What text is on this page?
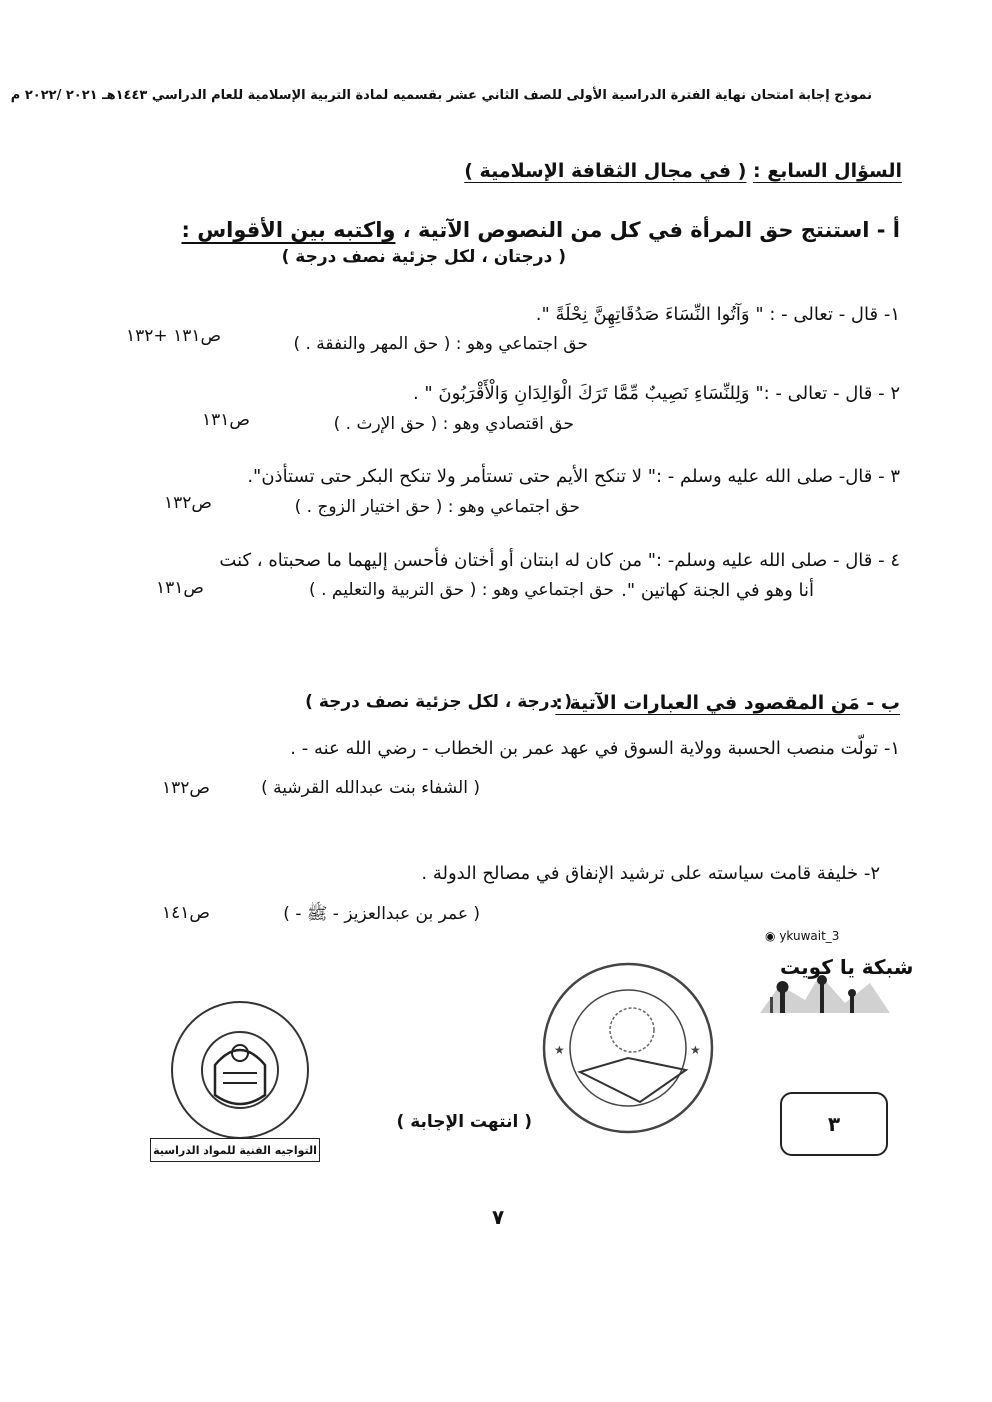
نموذج إجابة امتحان نهاية الفترة الدراسية الأولى للصف الثاني عشر بقسميه لمادة التربية الإسلامية للعام الدراسي ١٤٤٣هـ ٢٠٢١ /٢٠٢٢ م
السؤال السابع : ( في مجال الثقافة الإسلامية )
أ - استنتج حق المرأة في كل من النصوص الآتية ، واكتبه بين الأقواس :
( درجتان ، لكل جزئية نصف درجة )
١- قال - تعالى - : " وَآتُوا النِّسَاءَ صَدُقَاتِهِنَّ نِحْلَةً ".
حق اجتماعي وهو : ( حق المهر والنفقة . )
ص١٣١ +١٣٢
٢ - قال - تعالى - :" وَلِلنِّسَاءِ نَصِيبٌ مِّمَّا تَرَكَ الْوَالِدَانِ وَالْأَقْرَبُونَ " .
حق اقتصادي وهو : ( حق الإرث . )
ص١٣١
٣ - قال- صلى الله عليه وسلم - :" لا تنكح الأيم حتى تستأمر ولا تنكح البكر حتى تستأذن".
حق اجتماعي وهو : ( حق اختيار الزوج . )
ص١٣٢
٤ - قال - صلى الله عليه وسلم- :" من كان له ابنتان أو أختان فأحسن إليهما ما صحبتاه ، كنت
أنا وهو في الجنة كهاتين ".
حق اجتماعي وهو : ( حق التربية والتعليم . )
ص١٣١
ب - مَن المقصود في العبارات الآتية :
( درجة ، لكل جزئية نصف درجة )
١- تولّت منصب الحسبة وولاية السوق في عهد عمر بن الخطاب - رضي الله عنه - .
( الشفاء بنت عبدالله القرشية )
ص١٣٢
٢- خليفة قامت سياسته على ترشيد الإنفاق في مصالح الدولة .
( عمر بن عبدالعزيز - ﷺ - )
ص١٤١
◉ ykuwait_3
شبكة يا كويت
★	★
التواجيه الفنية للمواد الدراسية
( انتهت الإجابة )	٣
٧
